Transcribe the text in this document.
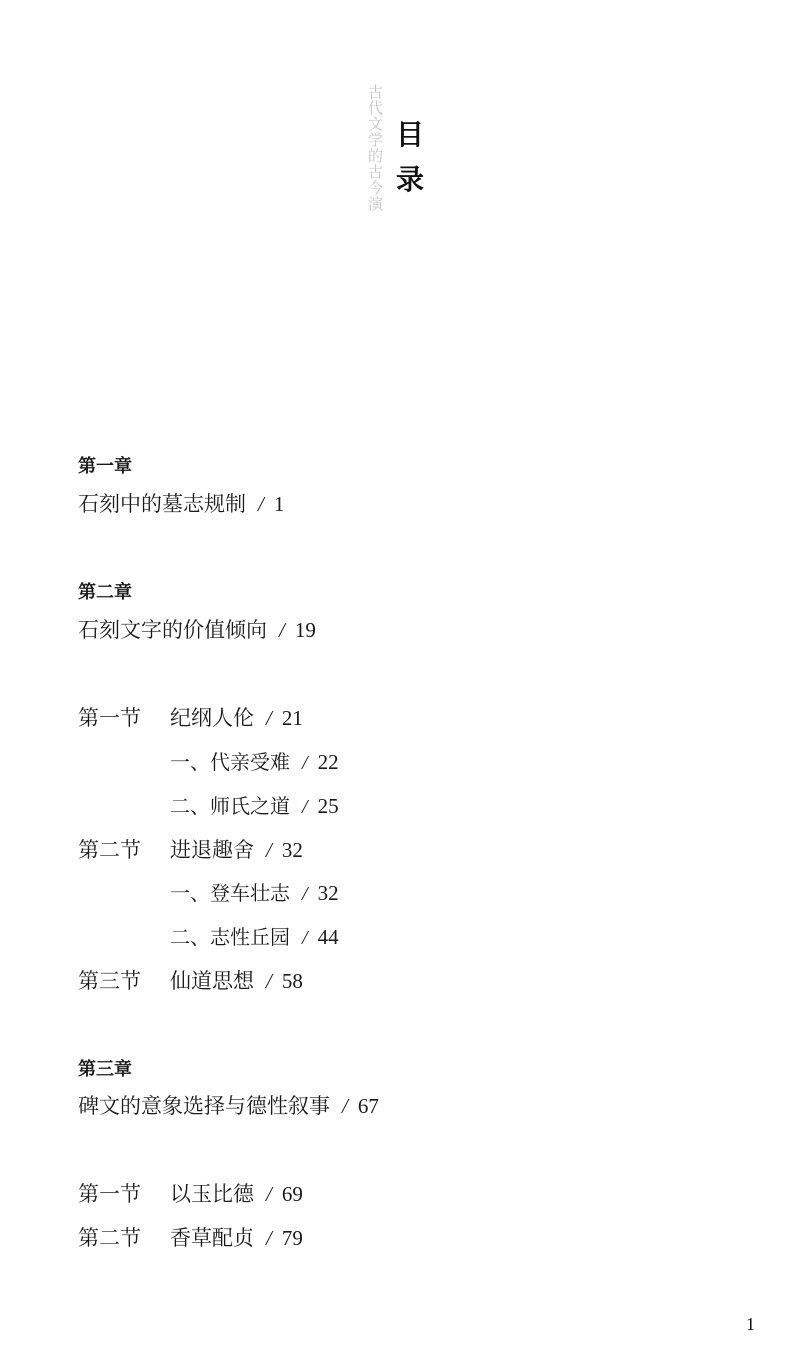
古代文学的古今演 目
录
第一章
石刻中的墓志规制 / 1
第二章
石刻文字的价值倾向 / 19
第一节 纪纲人伦 / 21
一、代亲受难 / 22
二、师氏之道 / 25
第二节 进退趣舍 / 32
一、登车壮志 / 32
二、志性丘园 / 44
第三节 仙道思想 / 58
第三章
碑文的意象选择与德性叙事 / 67
第一节 以玉比德 / 69
第二节 香草配贞 / 79
1
